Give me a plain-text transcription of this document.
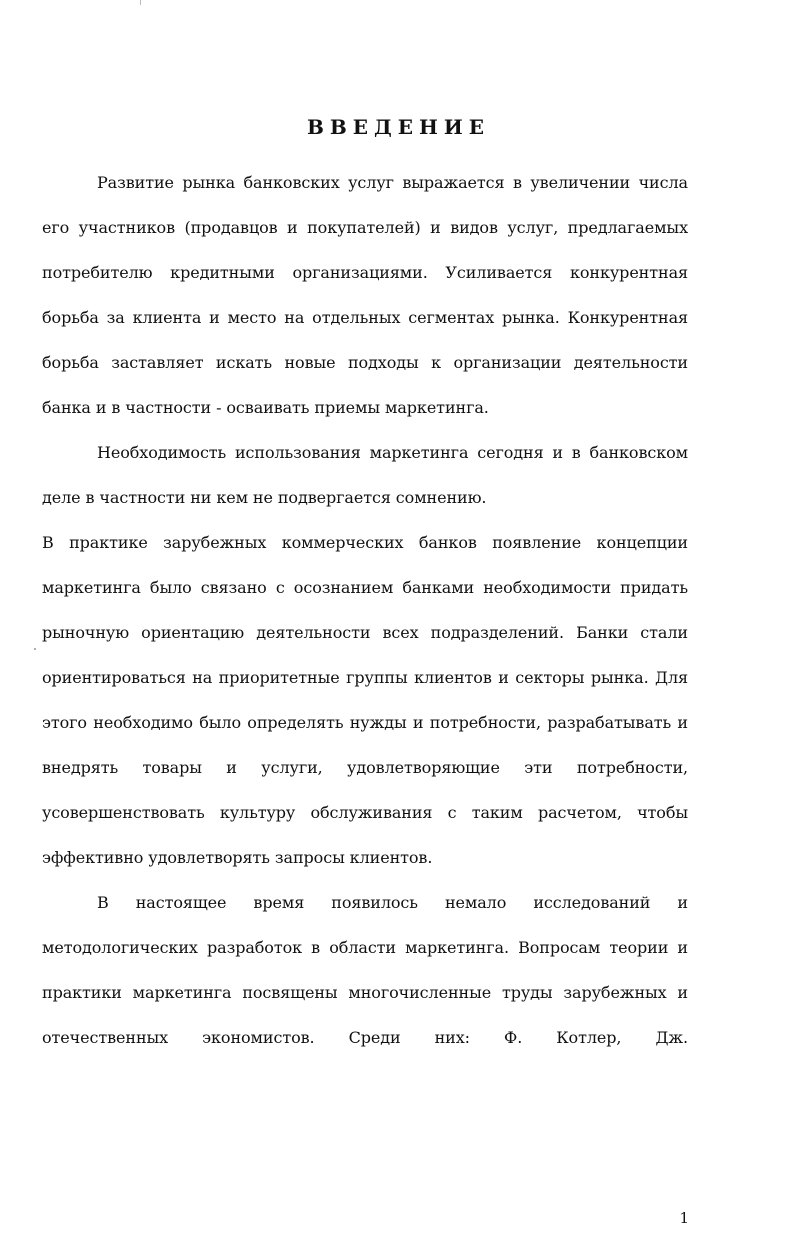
ВВЕДЕНИЕ

Развитие рынка банковских услуг выражается в увеличении числа его участников (продавцов и покупателей) и видов услуг, предлагаемых потребителю кредитными организациями. Усиливается конкурентная борьба за клиента и место на отдельных сегментах рынка. Конкурентная борьба заставляет искать новые подходы к организации деятельности банка и в частности - осваивать приемы маркетинга.

Необходимость использования маркетинга сегодня и в банковском деле в частности ни кем не подвергается сомнению.

В практике зарубежных коммерческих банков появление концепции маркетинга было связано с осознанием банками необходимости придать рыночную ориентацию деятельности всех подразделений. Банки стали ориентироваться на приоритетные группы клиентов и секторы рынка. Для этого необходимо было определять нужды и потребности, разрабатывать и внедрять товары и услуги, удовлетворяющие эти потребности, усовершенствовать культуру обслуживания с таким расчетом, чтобы эффективно удовлетворять запросы клиентов.

В настоящее время появилось немало исследований и методологических разработок в области маркетинга. Вопросам теории и практики маркетинга посвящены многочисленные труды зарубежных и отечественных экономистов. Среди них: Ф. Котлер, Дж.

1
